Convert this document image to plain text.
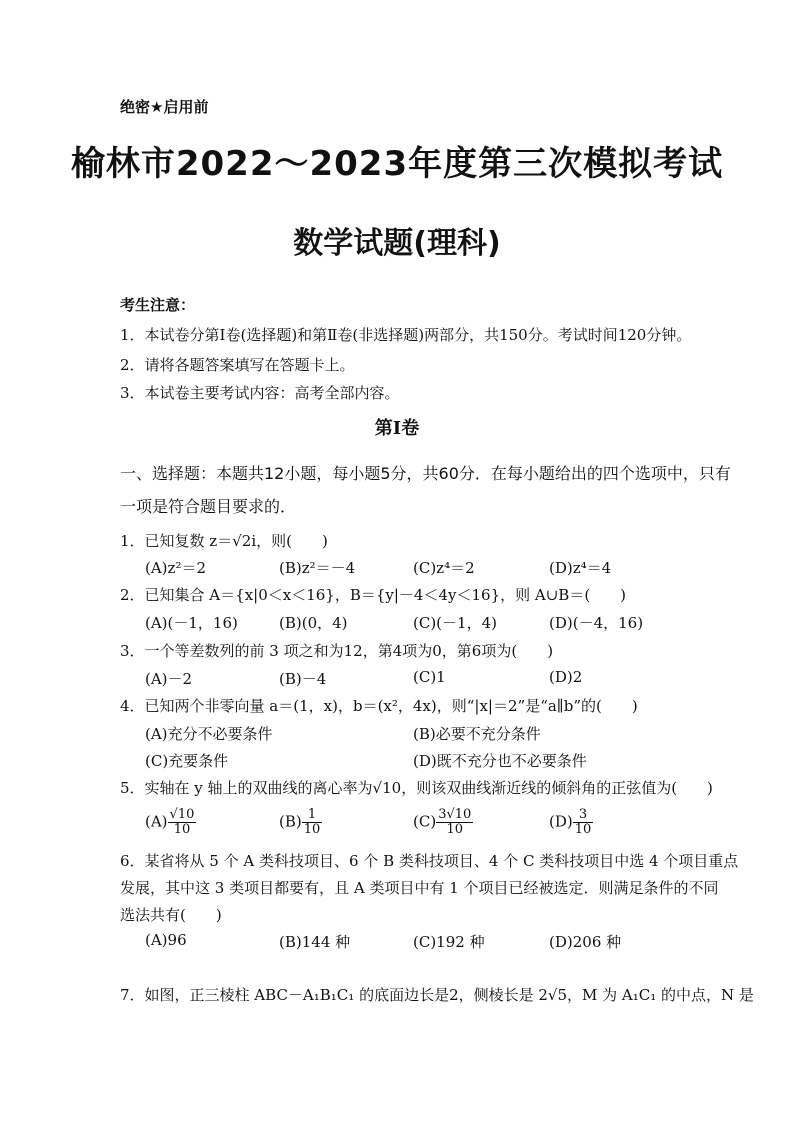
绝密★启用前
榆林市2022～2023年度第三次模拟考试
数学试题(理科)
考生注意：
1．本试卷分第Ⅰ卷(选择题)和第Ⅱ卷(非选择题)两部分，共150分。考试时间120分钟。
2．请将各题答案填写在答题卡上。
3．本试卷主要考试内容：高考全部内容。
第Ⅰ卷
一、选择题：本题共12小题，每小题5分，共60分．在每小题给出的四个选项中，只有
一项是符合题目要求的．
1．已知复数 z＝√2i，则(　　)
(A)z²＝2	(B)z²＝－4	(C)z⁴＝2	(D)z⁴＝4
2．已知集合 A＝{x|0＜x＜16}，B＝{y|－4＜4y＜16}，则 A∪B＝(　　)
(A)(－1，16)	(B)(0，4)	(C)(－1，4)	(D)(－4，16)
3．一个等差数列的前 3 项之和为12，第4项为0，第6项为(　　)
(A)－2	(B)－4	(C)1	(D)2
4．已知两个非零向量 a＝(1，x)，b＝(x²，4x)，则“|x|＝2”是“a∥b”的(　　)
(A)充分不必要条件	(B)必要不充分条件
(C)充要条件	(D)既不充分也不必要条件
5．实轴在 y 轴上的双曲线的离心率为√10，则该双曲线渐近线的倾斜角的正弦值为(　　)
$(A) \frac{√10}{10}$	$(B) \frac{1}{10}$	$(C) \frac{3√10}{10}$	$(D) \frac{3}{10}$
6．某省将从 5 个 A 类科技项目、6 个 B 类科技项目、4 个 C 类科技项目中选 4 个项目重点
发展，其中这 3 类项目都要有，且 A 类项目中有 1 个项目已经被选定．则满足条件的不同
选法共有(　　)
(A)96	(B)144 种	(C)192 种	(D)206 种
7．如图，正三棱柱 ABC－A₁B₁C₁ 的底面边长是2，侧棱长是 2√5，M 为 A₁C₁ 的中点，N 是
